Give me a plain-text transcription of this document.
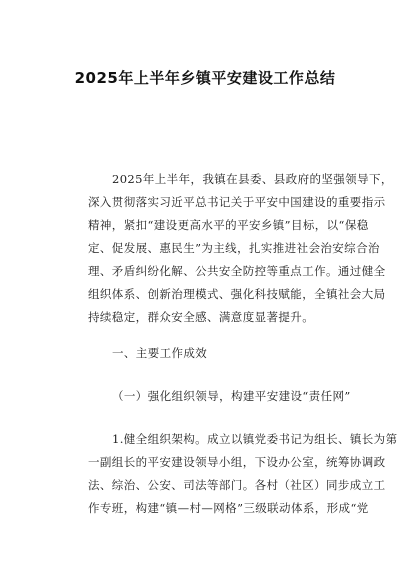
2025年上半年乡镇平安建设工作总结
2025年上半年，我镇在县委、县政府的坚强领导下，
深入贯彻落实习近平总书记关于平安中国建设的重要指示
精神，紧扣“建设更高水平的平安乡镇”目标，以“保稳
定、促发展、惠民生”为主线，扎实推进社会治安综合治
理、矛盾纠纷化解、公共安全防控等重点工作。通过健全
组织体系、创新治理模式、强化科技赋能，全镇社会大局
持续稳定，群众安全感、满意度显著提升。
一、主要工作成效
（一）强化组织领导，构建平安建设“责任网”
1.健全组织架构。成立以镇党委书记为组长、镇长为第
一副组长的平安建设领导小组，下设办公室，统筹协调政
法、综治、公安、司法等部门。各村（社区）同步成立工
作专班，构建“镇—村—网格”三级联动体系，形成“党
